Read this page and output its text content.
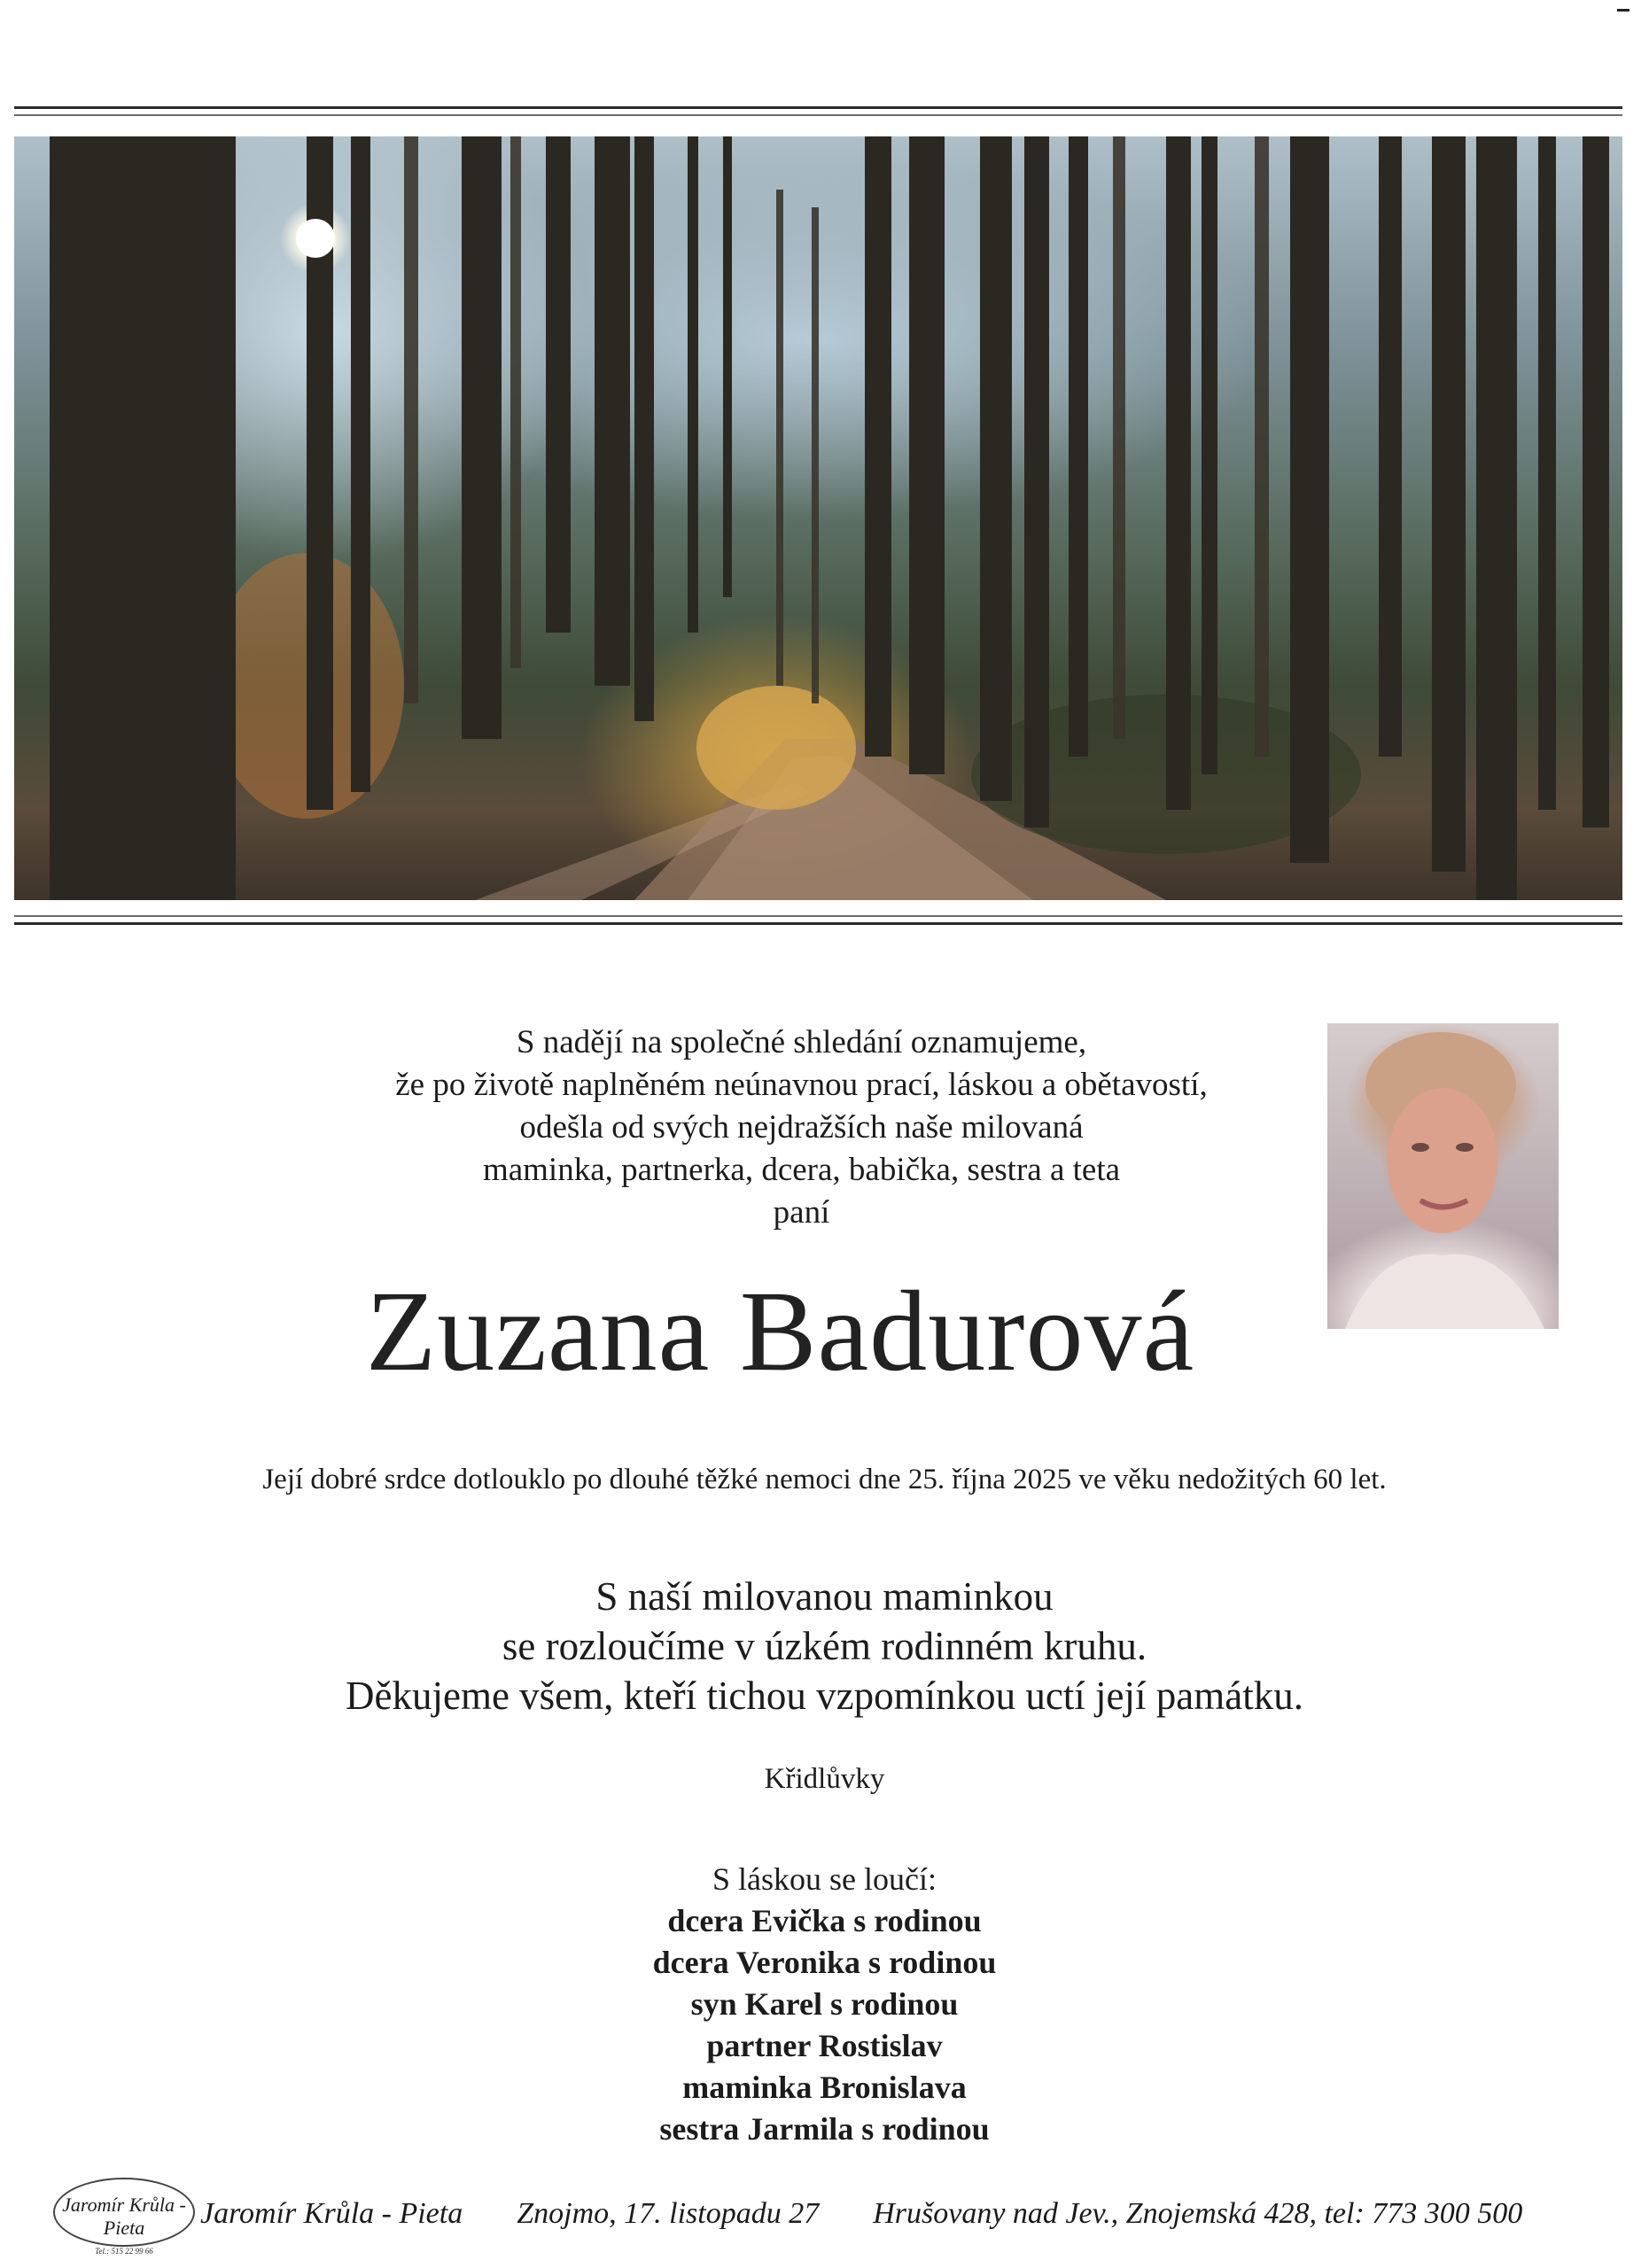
S nadějí na společné shledání oznamujeme,
že po životě naplněném neúnavnou prací, láskou a obětavostí,
odešla od svých nejdražších naše milovaná
maminka, partnerka, dcera, babička, sestra a teta
paní
Zuzana Badurová
Její dobré srdce dotlouklo po dlouhé těžké nemoci dne 25. října 2025 ve věku nedožitých 60 let.
S naší milovanou maminkou
se rozloučíme v úzkém rodinném kruhu.
Děkujeme všem, kteří tichou vzpomínkou uctí její památku.
Křidlůvky
S láskou se loučí:
dcera Evička s rodinou
dcera Veronika s rodinou
syn Karel s rodinou
partner Rostislav
maminka Bronislava
sestra Jarmila s rodinou
Jaromír Krůla - Pieta
Tel.: 515 22 99 66
Jaromír Krůla - Pieta Znojmo, 17. listopadu 27 Hrušovany nad Jev., Znojemská 428, tel: 773 300 500
